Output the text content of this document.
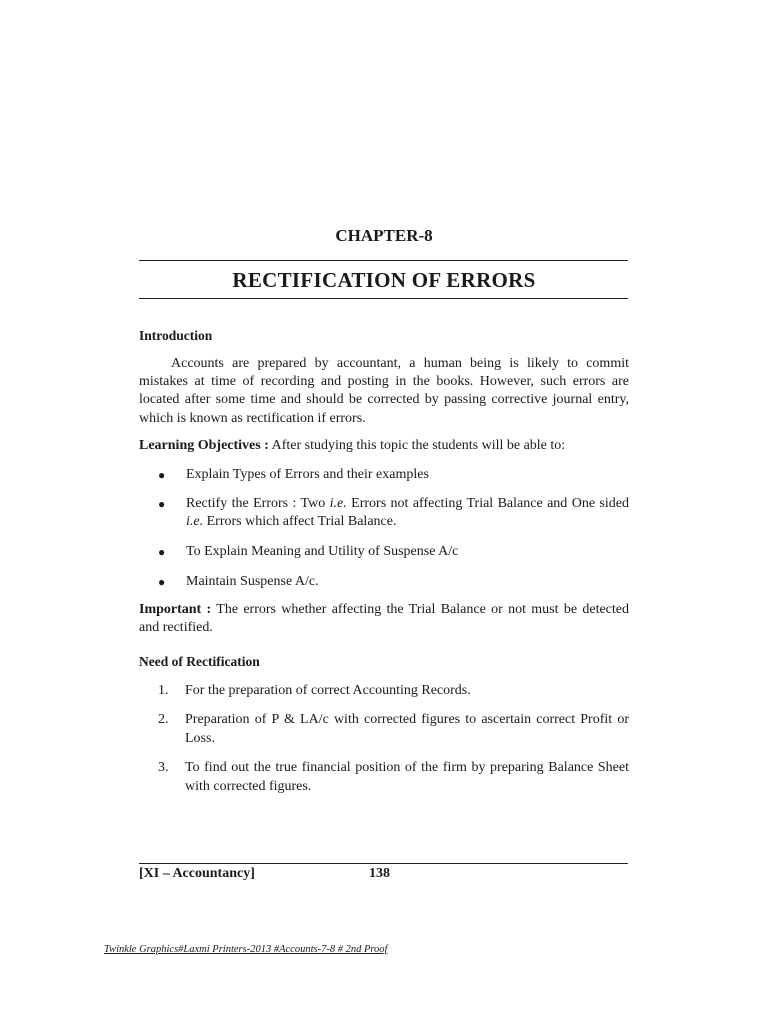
CHAPTER-8
RECTIFICATION OF ERRORS
Introduction
Accounts are prepared by accountant, a human being is likely to commit mistakes at time of recording and posting in the books. However, such errors are located after some time and should be corrected by passing corrective journal entry, which is known as rectification if errors.
Learning Objectives : After studying this topic the students will be able to:
● Explain Types of Errors and their examples
● Rectify the Errors : Two i.e. Errors not affecting Trial Balance and One sided i.e. Errors which affect Trial Balance.
● To Explain Meaning and Utility of Suspense A/c
● Maintain Suspense A/c.
Important : The errors whether affecting the Trial Balance or not must be detected and rectified.
Need of Rectification
1. For the preparation of correct Accounting Records.
2. Preparation of P & LA/c with corrected figures to ascertain correct Profit or Loss.
3. To find out the true financial position of the firm by preparing Balance Sheet with corrected figures.
[XI – Accountancy]	138
Twinkle Graphics#Laxmi Printers-2013 #Accounts-7-8 # 2nd Proof
